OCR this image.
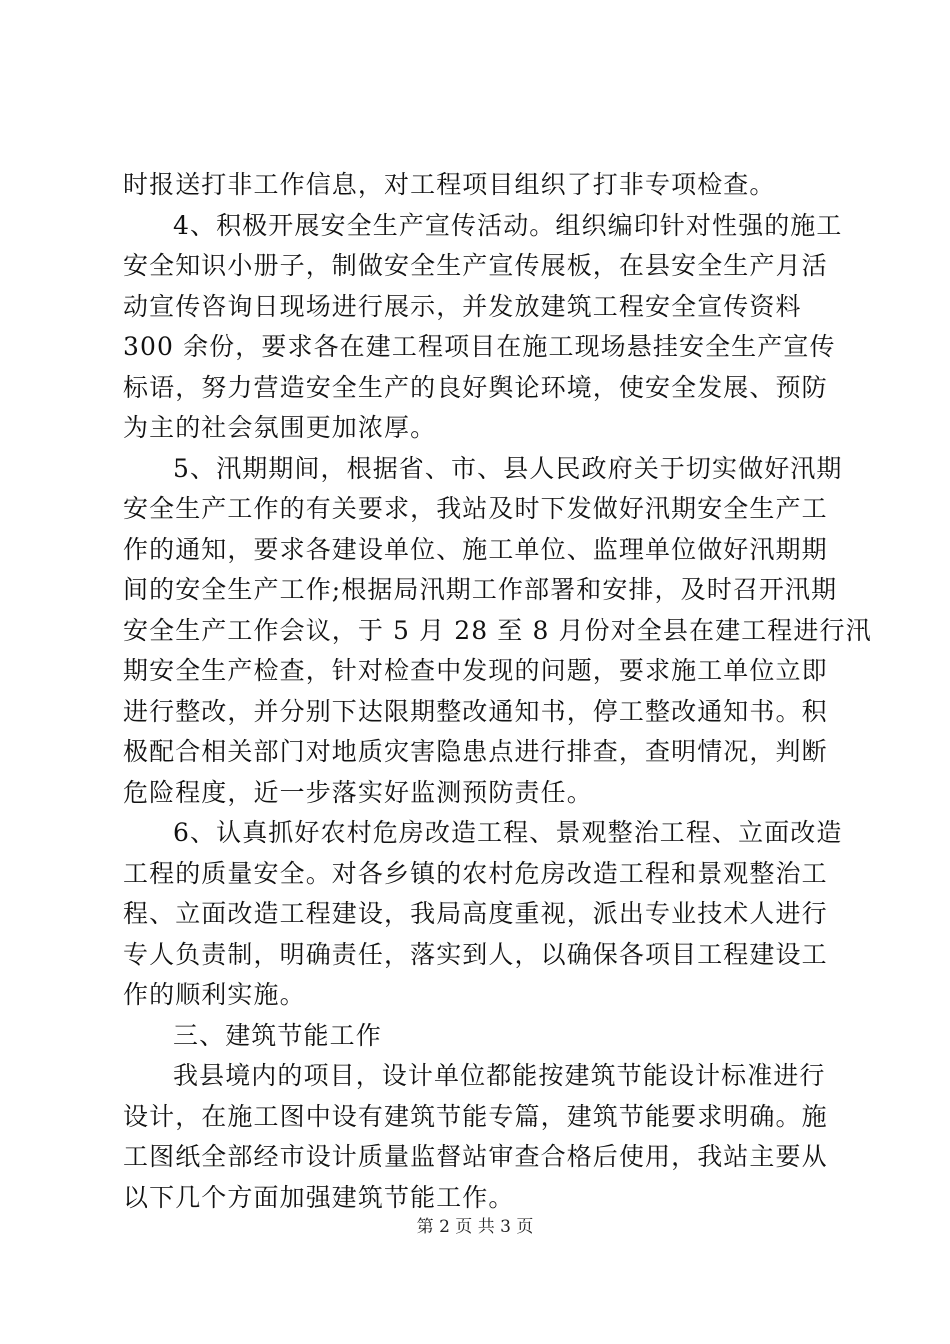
时报送打非工作信息，对工程项目组织了打非专项检查。
4、积极开展安全生产宣传活动。组织编印针对性强的施工
安全知识小册子，制做安全生产宣传展板，在县安全生产月活
动宣传咨询日现场进行展示，并发放建筑工程安全宣传资料
300 余份，要求各在建工程项目在施工现场悬挂安全生产宣传
标语，努力营造安全生产的良好舆论环境，使安全发展、预防
为主的社会氛围更加浓厚。
5、汛期期间，根据省、市、县人民政府关于切实做好汛期
安全生产工作的有关要求，我站及时下发做好汛期安全生产工
作的通知，要求各建设单位、施工单位、监理单位做好汛期期
间的安全生产工作;根据局汛期工作部署和安排，及时召开汛期
安全生产工作会议，于 5 月 28 至 8 月份对全县在建工程进行汛
期安全生产检查，针对检查中发现的问题，要求施工单位立即
进行整改，并分别下达限期整改通知书，停工整改通知书。积
极配合相关部门对地质灾害隐患点进行排查，查明情况，判断
危险程度，近一步落实好监测预防责任。
6、认真抓好农村危房改造工程、景观整治工程、立面改造
工程的质量安全。对各乡镇的农村危房改造工程和景观整治工
程、立面改造工程建设，我局高度重视，派出专业技术人进行
专人负责制，明确责任，落实到人，以确保各项目工程建设工
作的顺利实施。
三、建筑节能工作
我县境内的项目，设计单位都能按建筑节能设计标准进行
设计，在施工图中设有建筑节能专篇，建筑节能要求明确。施
工图纸全部经市设计质量监督站审查合格后使用，我站主要从
以下几个方面加强建筑节能工作。
第 2 页 共 3 页
